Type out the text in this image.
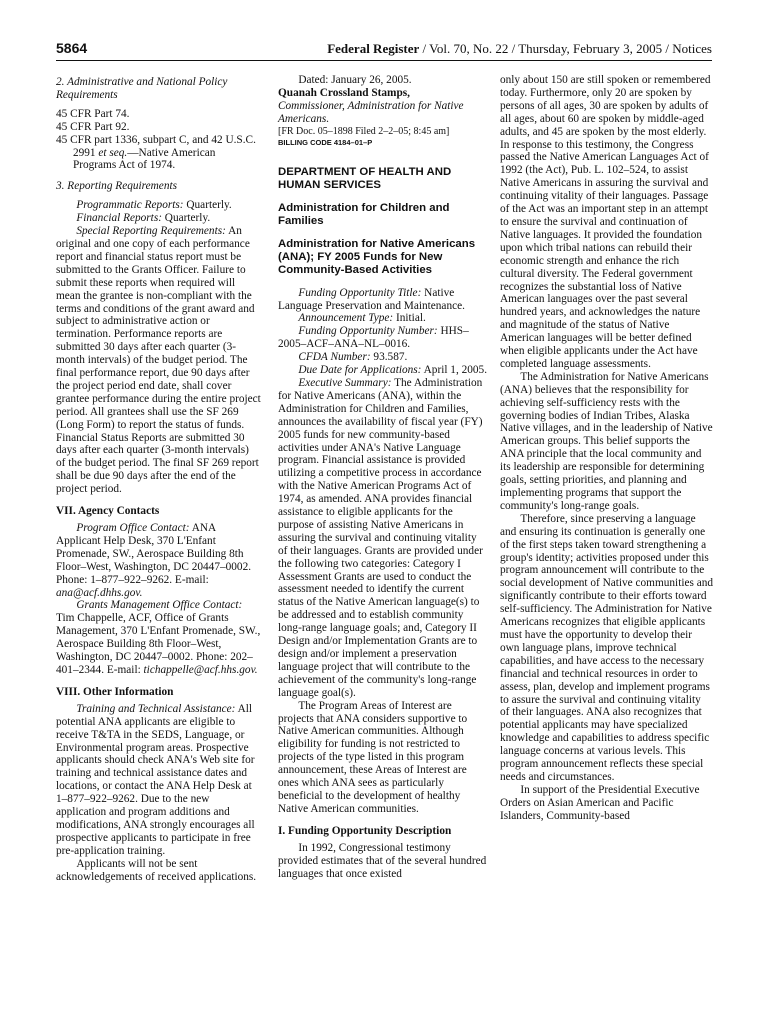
5864	Federal Register / Vol. 70, No. 22 / Thursday, February 3, 2005 / Notices

2. Administrative and National Policy Requirements

45 CFR Part 74.

45 CFR Part 92.

45 CFR part 1336, subpart C, and 42 U.S.C. 2991 et seq.—Native American Programs Act of 1974.

3. Reporting Requirements

Programmatic Reports: Quarterly.

Financial Reports: Quarterly.

Special Reporting Requirements: An original and one copy of each performance report and financial status report must be submitted to the Grants Officer. Failure to submit these reports when required will mean the grantee is non-compliant with the terms and conditions of the grant award and subject to administrative action or termination. Performance reports are submitted 30 days after each quarter (3-month intervals) of the budget period. The final performance report, due 90 days after the project period end date, shall cover grantee performance during the entire project period. All grantees shall use the SF 269 (Long Form) to report the status of funds. Financial Status Reports are submitted 30 days after each quarter (3-month intervals) of the budget period. The final SF 269 report shall be due 90 days after the end of the project period.

VII. Agency Contacts

Program Office Contact: ANA Applicant Help Desk, 370 L'Enfant Promenade, SW., Aerospace Building 8th Floor–West, Washington, DC 20447–0002. Phone: 1–877–922–9262. E-mail: ana@acf.dhhs.gov.

Grants Management Office Contact: Tim Chappelle, ACF, Office of Grants Management, 370 L'Enfant Promenade, SW., Aerospace Building 8th Floor–West, Washington, DC 20447–0002. Phone: 202–401–2344. E-mail: tichappelle@acf.hhs.gov.

VIII. Other Information

Training and Technical Assistance: All potential ANA applicants are eligible to receive T&TA in the SEDS, Language, or Environmental program areas. Prospective applicants should check ANA's Web site for training and technical assistance dates and locations, or contact the ANA Help Desk at 1–877–922–9262. Due to the new application and program additions and modifications, ANA strongly encourages all prospective applicants to participate in free pre-application training.

Applicants will not be sent acknowledgements of received applications.

Dated: January 26, 2005.

Quanah Crossland Stamps,

Commissioner, Administration for Native Americans.

[FR Doc. 05–1898 Filed 2–2–05; 8:45 am]

BILLING CODE 4184–01–P

DEPARTMENT OF HEALTH AND HUMAN SERVICES

Administration for Children and Families

Administration for Native Americans (ANA); FY 2005 Funds for New Community-Based Activities

Funding Opportunity Title: Native Language Preservation and Maintenance.

Announcement Type: Initial.

Funding Opportunity Number: HHS–2005–ACF–ANA–NL–0016.

CFDA Number: 93.587.

Due Date for Applications: April 1, 2005.

Executive Summary: The Administration for Native Americans (ANA), within the Administration for Children and Families, announces the availability of fiscal year (FY) 2005 funds for new community-based activities under ANA's Native Language program. Financial assistance is provided utilizing a competitive process in accordance with the Native American Programs Act of 1974, as amended. ANA provides financial assistance to eligible applicants for the purpose of assisting Native Americans in assuring the survival and continuing vitality of their languages. Grants are provided under the following two categories: Category I Assessment Grants are used to conduct the assessment needed to identify the current status of the Native American language(s) to be addressed and to establish community long-range language goals; and, Category II Design and/or Implementation Grants are to design and/or implement a preservation language project that will contribute to the achievement of the community's long-range language goal(s).

The Program Areas of Interest are projects that ANA considers supportive to Native American communities. Although eligibility for funding is not restricted to projects of the type listed in this program announcement, these Areas of Interest are ones which ANA sees as particularly beneficial to the development of healthy Native American communities.

I. Funding Opportunity Description

In 1992, Congressional testimony provided estimates that of the several hundred languages that once existed

only about 150 are still spoken or remembered today. Furthermore, only 20 are spoken by persons of all ages, 30 are spoken by adults of all ages, about 60 are spoken by middle-aged adults, and 45 are spoken by the most elderly. In response to this testimony, the Congress passed the Native American Languages Act of 1992 (the Act), Pub. L. 102–524, to assist Native Americans in assuring the survival and continuing vitality of their languages. Passage of the Act was an important step in an attempt to ensure the survival and continuation of Native languages. It provided the foundation upon which tribal nations can rebuild their economic strength and enhance the rich cultural diversity. The Federal government recognizes the substantial loss of Native American languages over the past several hundred years, and acknowledges the nature and magnitude of the status of Native American languages will be better defined when eligible applicants under the Act have completed language assessments.

The Administration for Native Americans (ANA) believes that the responsibility for achieving self-sufficiency rests with the governing bodies of Indian Tribes, Alaska Native villages, and in the leadership of Native American groups. This belief supports the ANA principle that the local community and its leadership are responsible for determining goals, setting priorities, and planning and implementing programs that support the community's long-range goals.

Therefore, since preserving a language and ensuring its continuation is generally one of the first steps taken toward strengthening a group's identity; activities proposed under this program announcement will contribute to the social development of Native communities and significantly contribute to their efforts toward self-sufficiency. The Administration for Native Americans recognizes that eligible applicants must have the opportunity to develop their own language plans, improve technical capabilities, and have access to the necessary financial and technical resources in order to assess, plan, develop and implement programs to assure the survival and continuing vitality of their languages. ANA also recognizes that potential applicants may have specialized knowledge and capabilities to address specific language concerns at various levels. This program announcement reflects these special needs and circumstances.

In support of the Presidential Executive Orders on Asian American and Pacific Islanders, Community-based
